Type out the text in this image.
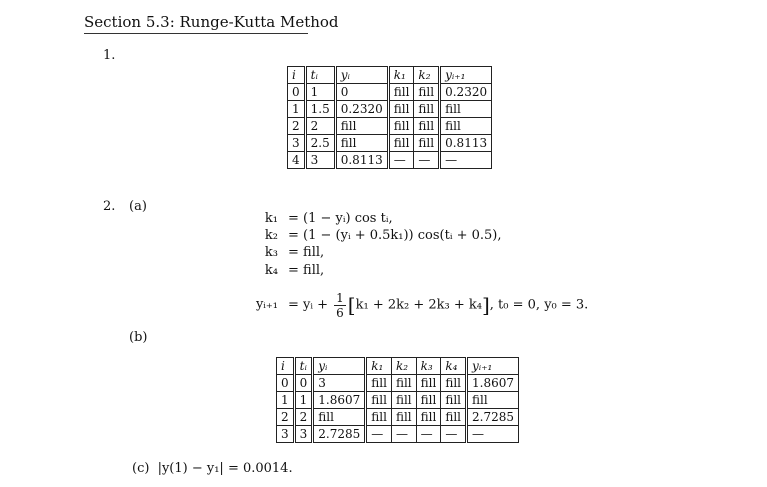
Section 5.3: Runge-Kutta Method
1.
i	tᵢ	yᵢ	k₁	k₂	yᵢ₊₁
0	1	0	fill	fill	0.2320
1	1.5	0.2320	fill	fill	fill
2	2	fill	fill	fill	fill
3	2.5	fill	fill	fill	0.8113
4	3	0.8113	—	—	—
2. (a)
k₁ = (1 − yᵢ) cos tᵢ,
k₂ = (1 − (yᵢ + 0.5k₁)) cos(tᵢ + 0.5),
k₃ = fill,
k₄ = fill,
yᵢ₊₁ = yᵢ + $\frac{1}{6} [k_1 + 2k_2 + 2k_3 + k_4]$, t₀ = 0, y₀ = 3.
(b)
i	tᵢ	yᵢ	k₁	k₂	k₃	k₄	yᵢ₊₁
0	0	3	fill	fill	fill	fill	1.8607
1	1	1.8607	fill	fill	fill	fill	fill
2	2	fill	fill	fill	fill	fill	2.7285
3	3	2.7285	—	—	—	—	—
(c) |y(1) − y₁| = 0.0014.
